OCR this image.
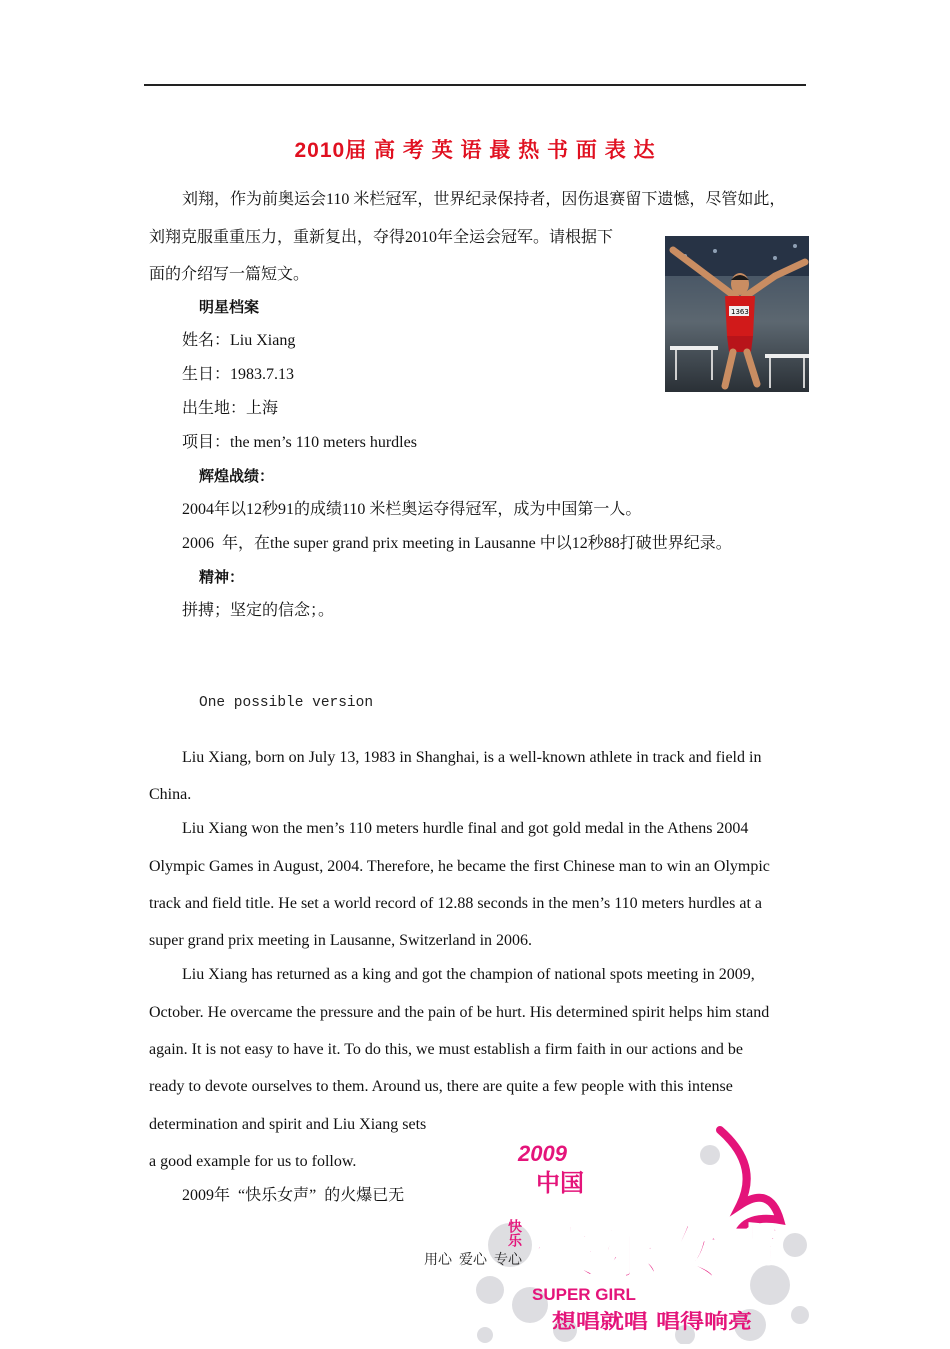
2010届 高 考 英 语 最 热 书 面 表 达
刘翔，作为前奥运会110 米栏冠军，世界纪录保持者，因伤退赛留下遗憾，尽管如此，
刘翔克服重重压力，重新复出，夺得2010年全运会冠军。请根据下
面的介绍写一篇短文。
1363
明星档案
姓名：Liu Xiang
生日：1983.7.13
出生地：上海
项目：the men’s 110 meters hurdles
辉煌战绩：
2004年以12秒91的成绩110 米栏奥运夺得冠军，成为中国第一人。
2006  年，在the super grand prix meeting in Lausanne 中以12秒88打破世界纪录。
精神：
拼搏；坚定的信念；。
One possible version
Liu Xiang, born on July 13, 1983 in Shanghai, is a well-known athlete in track and field in
China.
Liu Xiang won the men’s 110 meters hurdle final and got gold medal in the Athens 2004
Olympic Games in August, 2004. Therefore, he became the first Chinese man to win an Olympic
track and field title. He set a world record of 12.88 seconds in the men’s 110 meters hurdles at a
super grand prix meeting in Lausanne, Switzerland in 2006.
Liu Xiang has returned as a king and got the champion of national spots meeting in 2009,
October. He overcame the pressure and the pain of be hurt. His determined spirit helps him stand
again. It is not easy to have it. To do this, we must establish a firm faith in our actions and be
ready to devote ourselves to them. Around us, there are quite a few people with this intense
determination and spirit and Liu Xiang sets
a good example for us to follow.
2009年  “快乐女声”  的火爆已无
2009
中国
快乐 快乐女声
SUPER GIRL
想唱就唱 唱得响亮
用心  爱心  专心
